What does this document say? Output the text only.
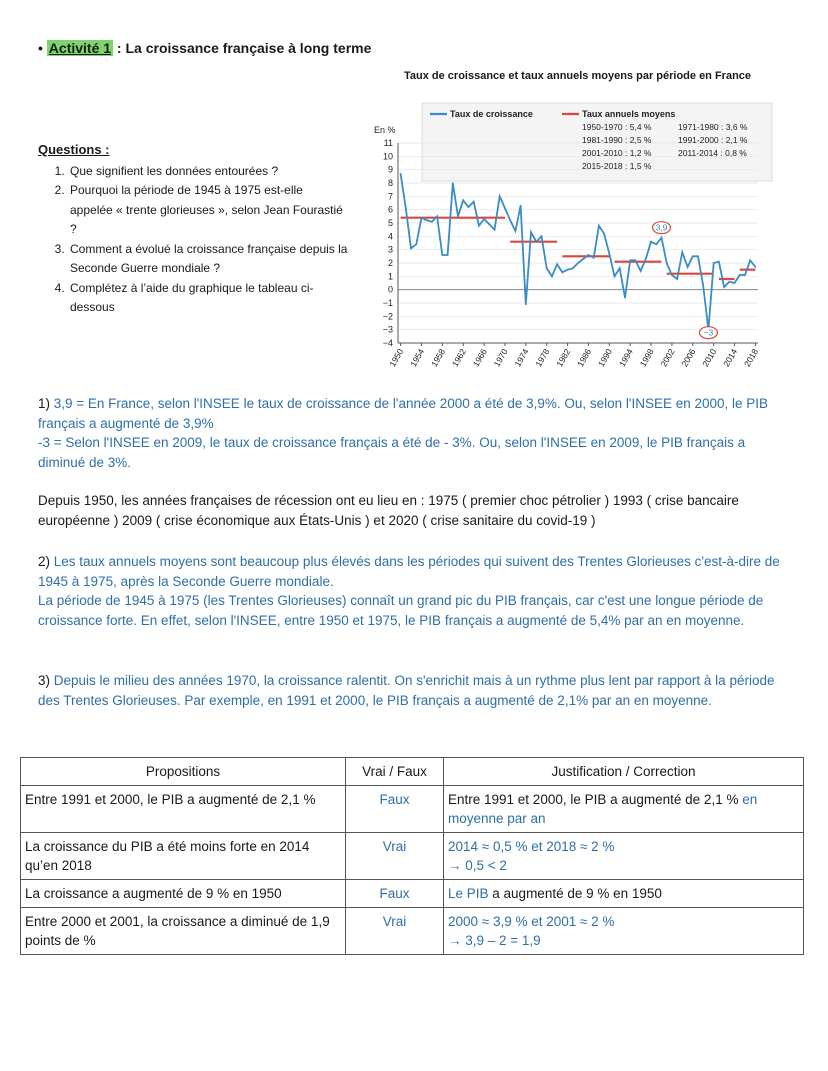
• Activité 1 : La croissance française à long terme
Taux de croissance et taux annuels moyens par période en France
Questions :
1. Que signifient les données entourées ?
2. Pourquoi la période de 1945 à 1975 est-elle appelée « trente glorieuses », selon Jean Fourastié ?
3. Comment a évolué la croissance française depuis la Seconde Guerre mondiale ?
4. Complétez à l’aide du graphique le tableau ci-dessous
En %
11
10
9
8
7
6
5
4
3
2
1
0
−1
−2
−3
−4
1950 1954 1958 1962 1966 1970 1974 1978 1982 1986 1990 1994 1998 2002 2006 2010 2014 2018
3,9
−3
Taux de croissance	Taux annuels moyens
1950-1970 : 5,4 %	1971-1980 : 3,6 %
1981-1990 : 2,5 %	1991-2000 : 2,1 %
2001-2010 : 1,2 %	2011-2014 : 0,8 %
2015-2018 : 1,5 %

1) 3,9 = En France, selon l'INSEE le taux de croissance de l'année 2000 a été de 3,9%. Ou, selon l'INSEE en 2000, le PIB français a augmenté de 3,9%
-3 = Selon l'INSEE en 2009, le taux de croissance français a été de - 3%. Ou, selon l'INSEE en 2009, le PIB français a diminué de 3%.

Depuis 1950, les années françaises de récession ont eu lieu en : 1975 ( premier choc pétrolier ) 1993 ( crise bancaire européenne ) 2009 ( crise économique aux États-Unis ) et 2020 ( crise sanitaire du covid-19 )

2) Les taux annuels moyens sont beaucoup plus élevés dans les périodes qui suivent des Trentes Glorieuses c'est-à-dire de 1945 à 1975, après la Seconde Guerre mondiale.
La période de 1945 à 1975 (les Trentes Glorieuses) connaît un grand pic du PIB français, car c'est une longue période de croissance forte. En effet, selon l'INSEE, entre 1950 et 1975, le PIB français a augmenté de 5,4% par an en moyenne.

3) Depuis le milieu des années 1970, la croissance ralentit. On s'enrichit mais à un rythme plus lent par rapport à la période des Trentes Glorieuses. Par exemple, en 1991 et 2000, le PIB français a augmenté de 2,1% par an en moyenne.

Propositions	Vrai / Faux	Justification / Correction
Entre 1991 et 2000, le PIB a augmenté de 2,1 %	Faux	Entre 1991 et 2000, le PIB a augmenté de 2,1 % en moyenne par an
La croissance du PIB a été moins forte en 2014 qu’en 2018	Vrai	2014 ≈ 0,5 % et 2018 ≈ 2 %
→ 0,5 < 2
La croissance a augmenté de 9 % en 1950	Faux	Le PIB a augmenté de 9 % en 1950
Entre 2000 et 2001, la croissance a diminué de 1,9 points de %	Vrai	2000 ≈ 3,9 % et 2001 ≈ 2 %
→ 3,9 – 2 = 1,9
